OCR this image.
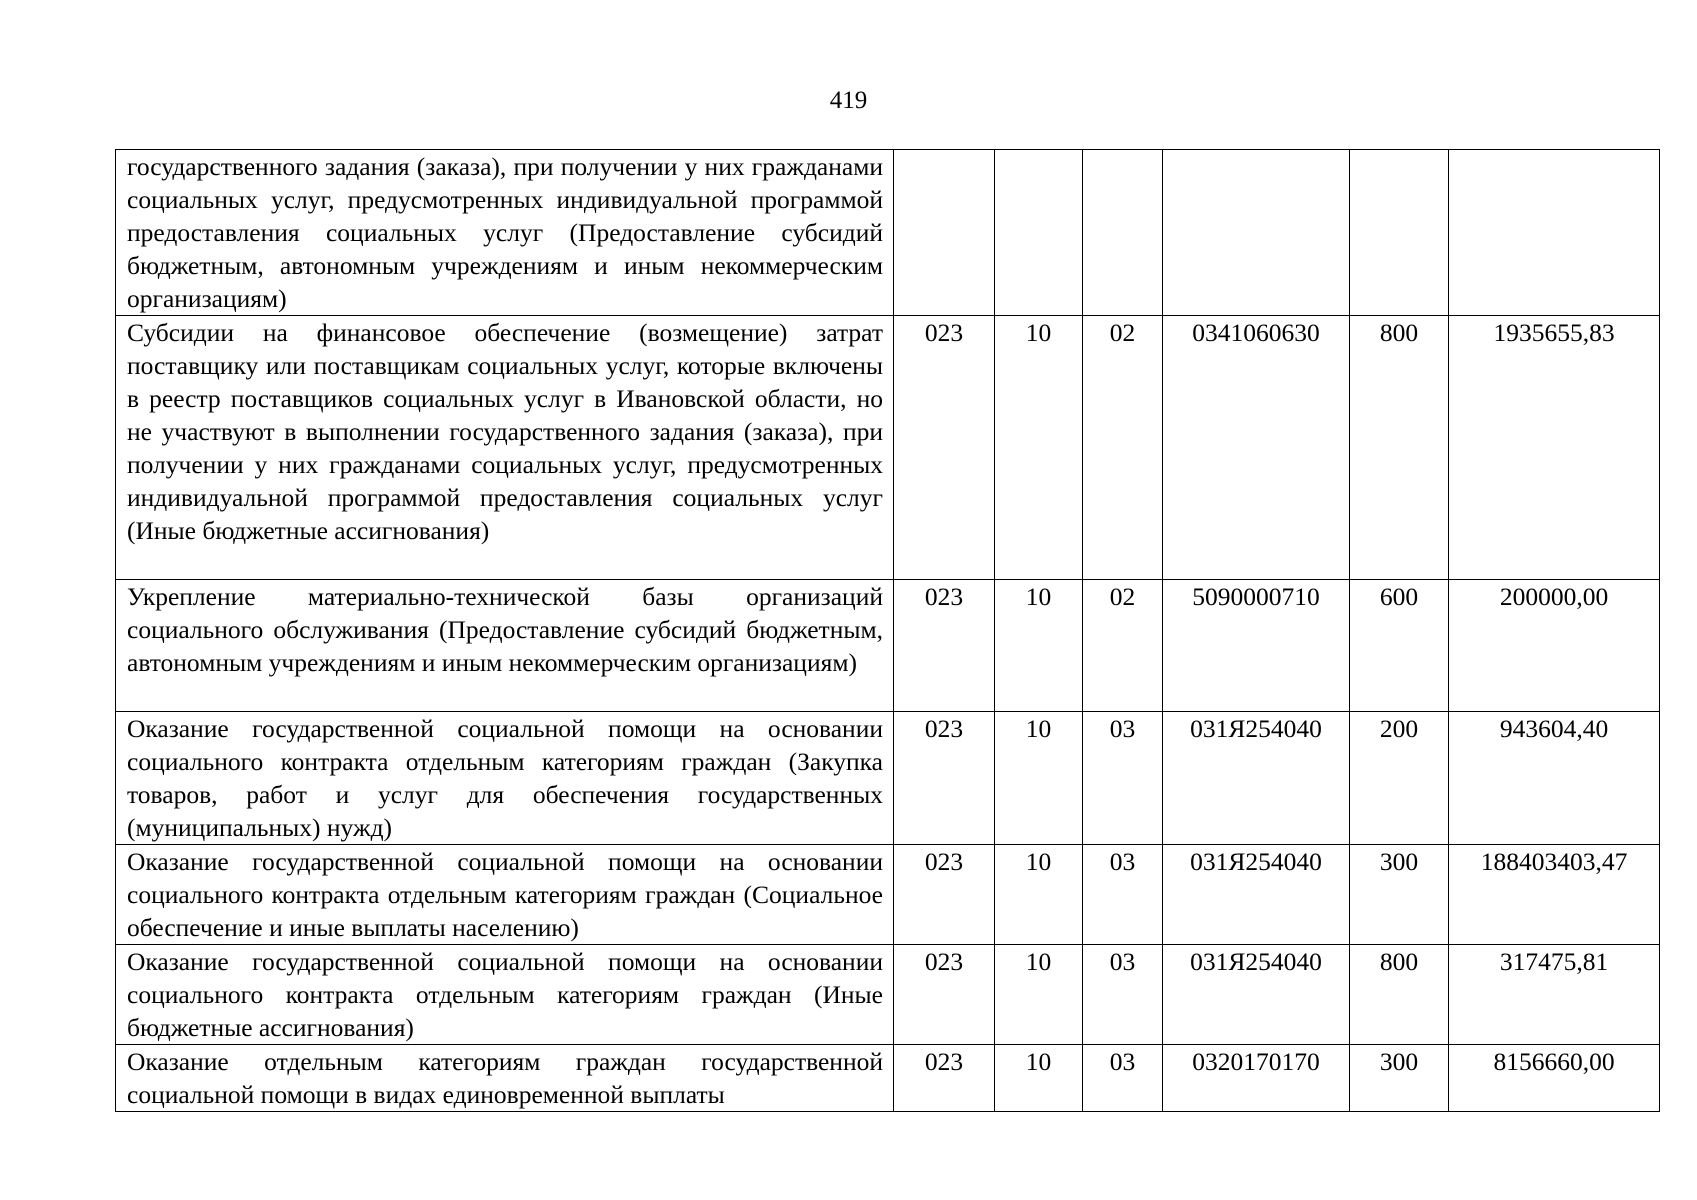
419
государственного задания (заказа), при получении у них гражданами социальных услуг, предусмотренных индивидуальной программой предоставления социальных услуг (Предоставление субсидий бюджетным, автономным учреждениям и иным некоммерческим организациям)						
Субсидии на финансовое обеспечение (возмещение) затрат поставщику или поставщикам социальных услуг, которые включены в реестр поставщиков социальных услуг в Ивановской области, но не участвуют в выполнении государственного задания (заказа), при получении у них гражданами социальных услуг, предусмотренных индивидуальной программой предоставления социальных услуг (Иные бюджетные ассигнования)	023	10	02	0341060630	800	1935655,83
Укрепление материально-технической базы организаций социального обслуживания (Предоставление субсидий бюджетным, автономным учреждениям и иным некоммерческим организациям)	023	10	02	5090000710	600	200000,00
Оказание государственной социальной помощи на основании социального контракта отдельным категориям граждан (Закупка товаров, работ и услуг для обеспечения государственных (муниципальных) нужд)	023	10	03	031Я254040	200	943604,40
Оказание государственной социальной помощи на основании социального контракта отдельным категориям граждан (Социальное обеспечение и иные выплаты населению)	023	10	03	031Я254040	300	188403403,47
Оказание государственной социальной помощи на основании социального контракта отдельным категориям граждан (Иные бюджетные ассигнования)	023	10	03	031Я254040	800	317475,81
Оказание отдельным категориям граждан государственной социальной помощи в видах единовременной выплаты	023	10	03	0320170170	300	8156660,00
